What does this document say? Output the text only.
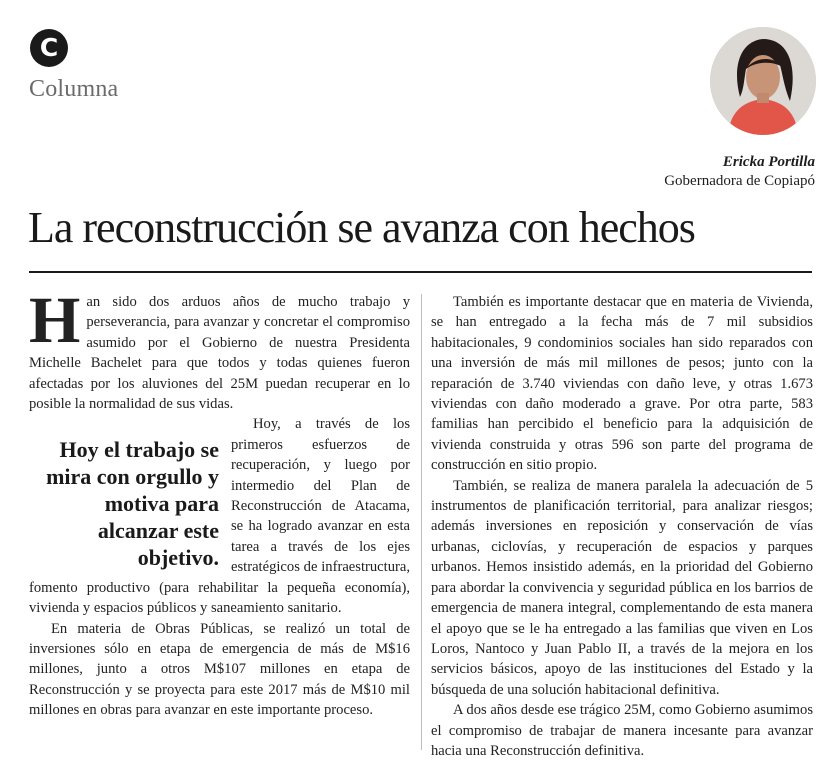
C
Columna
Ericka Portilla
Gobernadora de Copiapó
La reconstrucción se avanza con hechos

Han sido dos arduos años de mucho trabajo y perseverancia, para avanzar y concretar el compromiso asumido por el Gobierno de nuestra Presidenta Michelle Bachelet para que todos y todas quienes fueron afectadas por los aluviones del 25M puedan recuperar en lo posible la normalidad de sus vidas.

Hoy el trabajo se mira con orgullo y motiva para alcanzar este objetivo.

Hoy, a través de los primeros esfuerzos de recuperación, y luego por intermedio del Plan de Reconstrucción de Atacama, se ha logrado avanzar en esta tarea a través de los ejes estratégicos de infraestructura, fomento productivo (para rehabilitar la pequeña economía), vivienda y espacios públicos y saneamiento sanitario.

En materia de Obras Públicas, se realizó un total de inversiones sólo en etapa de emergencia de más de M$16 millones, junto a otros M$107 millones en etapa de Reconstrucción y se proyecta para este 2017 más de M$10 mil millones en obras para avanzar en este importante proceso.

También es importante destacar que en materia de Vivienda, se han entregado a la fecha más de 7 mil subsidios habitacionales, 9 condominios sociales han sido reparados con una inversión de más mil millones de pesos; junto con la reparación de 3.740 viviendas con daño leve, y otras 1.673 viviendas con daño moderado a grave. Por otra parte, 583 familias han percibido el beneficio para la adquisición de vivienda construida y otras 596 son parte del programa de construcción en sitio propio.

También, se realiza de manera paralela la adecuación de 5 instrumentos de planificación territorial, para analizar riesgos; además inversiones en reposición y conservación de vías urbanas, ciclovías, y recuperación de espacios y parques urbanos. Hemos insistido además, en la prioridad del Gobierno para abordar la convivencia y seguridad pública en los barrios de emergencia de manera integral, complementando de esta manera el apoyo que se le ha entregado a las familias que viven en Los Loros, Nantoco y Juan Pablo II, a través de la mejora en los servicios básicos, apoyo de las instituciones del Estado y la búsqueda de una solución habitacional definitiva.

A dos años desde ese trágico 25M, como Gobierno asumimos el compromiso de trabajar de manera incesante para avanzar hacia una Reconstrucción definitiva.
